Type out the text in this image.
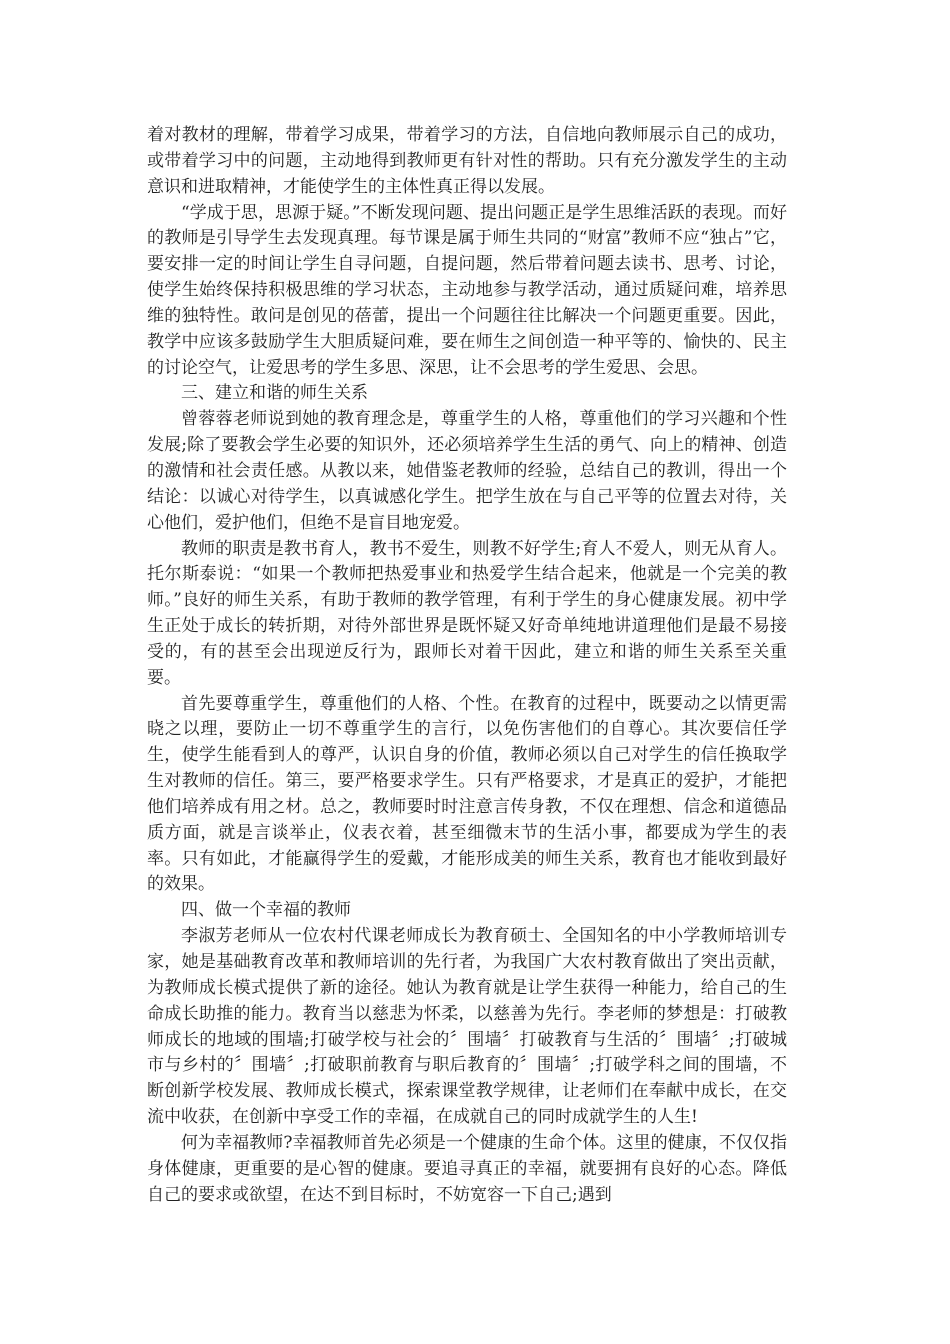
着对教材的理解，带着学习成果，带着学习的方法，自信地向教师展示自己的成功，或带着学习中的问题，主动地得到教师更有针对性的帮助。只有充分激发学生的主动意识和进取精神，才能使学生的主体性真正得以发展。

“学成于思，思源于疑。”不断发现问题、提出问题正是学生思维活跃的表现。而好的教师是引导学生去发现真理。每节课是属于师生共同的“财富”教师不应“独占”它，要安排一定的时间让学生自寻问题，自提问题，然后带着问题去读书、思考、讨论，使学生始终保持积极思维的学习状态，主动地参与教学活动，通过质疑问难，培养思维的独特性。敢问是创见的蓓蕾，提出一个问题往往比解决一个问题更重要。因此，教学中应该多鼓励学生大胆质疑问难，要在师生之间创造一种平等的、愉快的、民主的讨论空气，让爱思考的学生多思、深思，让不会思考的学生爱思、会思。

三、建立和谐的师生关系

曾蓉蓉老师说到她的教育理念是，尊重学生的人格，尊重他们的学习兴趣和个性发展;除了要教会学生必要的知识外，还必须培养学生生活的勇气、向上的精神、创造的激情和社会责任感。从教以来，她借鉴老教师的经验，总结自己的教训，得出一个结论：以诚心对待学生，以真诚感化学生。把学生放在与自己平等的位置去对待，关心他们，爱护他们，但绝不是盲目地宠爱。

教师的职责是教书育人，教书不爱生，则教不好学生;育人不爱人，则无从育人。托尔斯泰说：“如果一个教师把热爱事业和热爱学生结合起来，他就是一个完美的教师。”良好的师生关系，有助于教师的教学管理，有利于学生的身心健康发展。初中学生正处于成长的转折期，对待外部世界是既怀疑又好奇单纯地讲道理他们是最不易接受的，有的甚至会出现逆反行为，跟师长对着干因此，建立和谐的师生关系至关重要。

首先要尊重学生，尊重他们的人格、个性。在教育的过程中，既要动之以情更需晓之以理，要防止一切不尊重学生的言行，以免伤害他们的自尊心。其次要信任学生，使学生能看到人的尊严，认识自身的价值，教师必须以自己对学生的信任换取学生对教师的信任。第三，要严格要求学生。只有严格要求，才是真正的爱护，才能把他们培养成有用之材。总之，教师要时时注意言传身教，不仅在理想、信念和道德品质方面，就是言谈举止，仪表衣着，甚至细微末节的生活小事，都要成为学生的表率。只有如此，才能赢得学生的爱戴，才能形成美的师生关系，教育也才能收到最好的效果。

四、做一个幸福的教师

李淑芳老师从一位农村代课老师成长为教育硕士、全国知名的中小学教师培训专家，她是基础教育改革和教师培训的先行者，为我国广大农村教育做出了突出贡献，为教师成长模式提供了新的途径。她认为教育就是让学生获得一种能力，给自己的生命成长助推的能力。教育当以慈悲为怀柔，以慈善为先行。李老师的梦想是：打破教师成长的地域的围墙;打破学校与社会的〞围墙〞打破教育与生活的〞围墙〞;打破城市与乡村的〞围墙〞;打破职前教育与职后教育的〞围墙〞;打破学科之间的围墙，不断创新学校发展、教师成长模式，探索课堂教学规律，让老师们在奉献中成长，在交流中收获，在创新中享受工作的幸福，在成就自己的同时成就学生的人生!

何为幸福教师?幸福教师首先必须是一个健康的生命个体。这里的健康，不仅仅指身体健康，更重要的是心智的健康。要追寻真正的幸福，就要拥有良好的心态。降低自己的要求或欲望，在达不到目标时，不妨宽容一下自己;遇到
